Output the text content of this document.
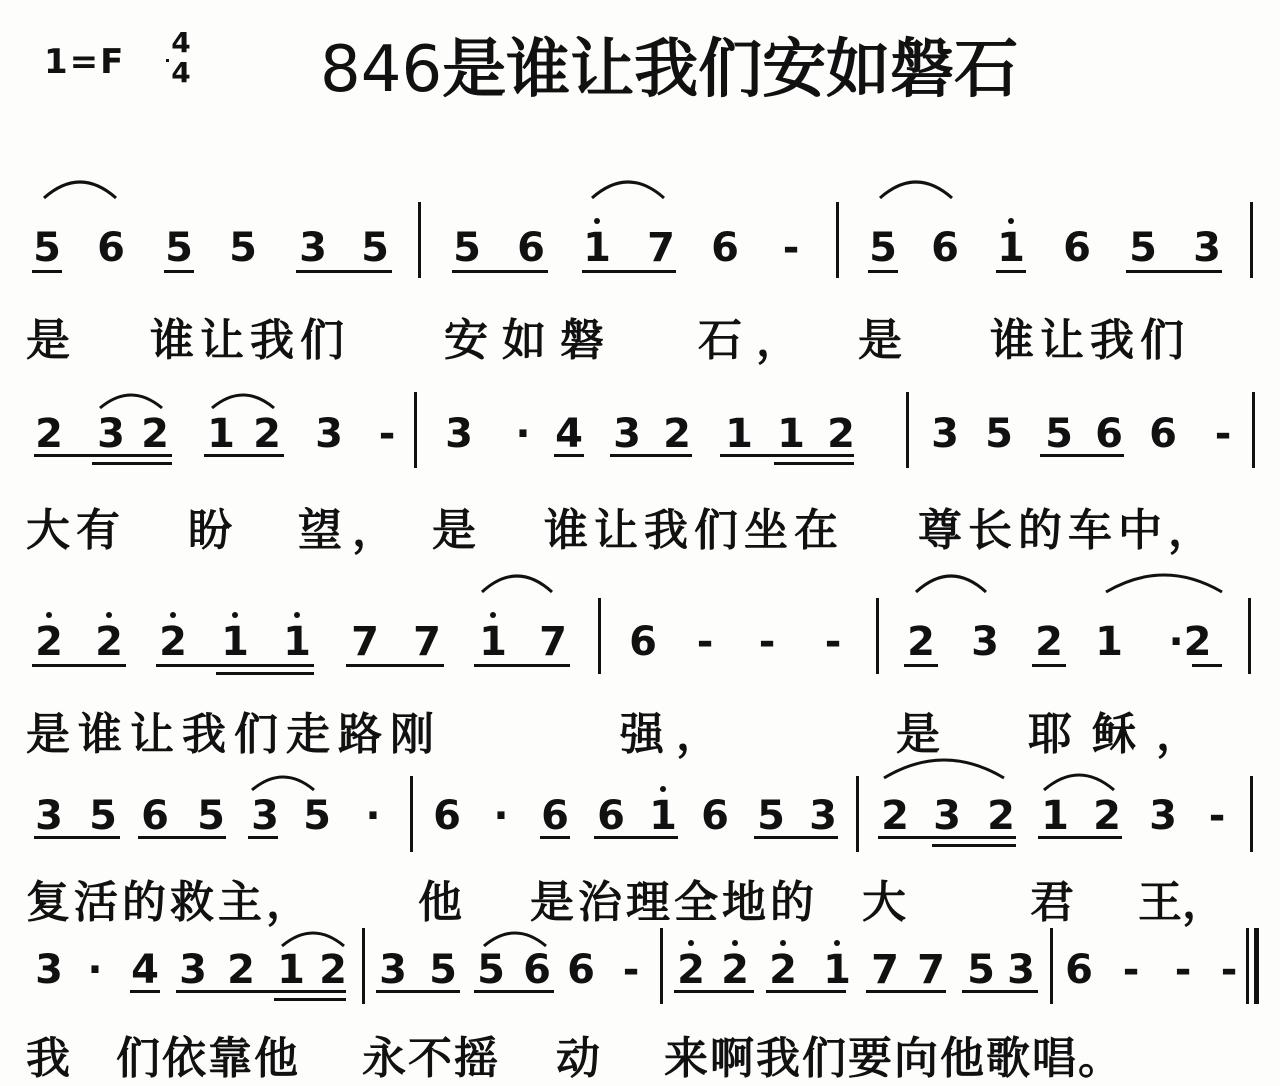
1=F 4
4 846是谁让我们安如磐石
5 6 5 5 3 5 5 6 1 7 6 - 5 6 1 6 5 3
是 谁让我们 安如磐 石， 是 谁让我们
2 3 2 1 2 3 - 3 · 4 3 2 1 1 2 3 5 5 6 6 -
大有 盼 望， 是 谁让我们坐在 尊长的车中，
2 2 2 1 1 7 7 1 7 6 - - - 2 3 2 1 ·2
是谁让我们走路刚	强，	是 耶稣，
3 5 6 5 3 5 · 6 · 6 6 1 6 5 3 2 3 2 1 2 3 -
复活的救主， 他 是治理全地的 大	君 王，
3 · 4 3 2 1 2 3 5 5 6 6 - 2 2 2 1 7 7 5 3 6 - - -
我 们依靠他 永不摇 动 来啊我们要向他歌唱。
